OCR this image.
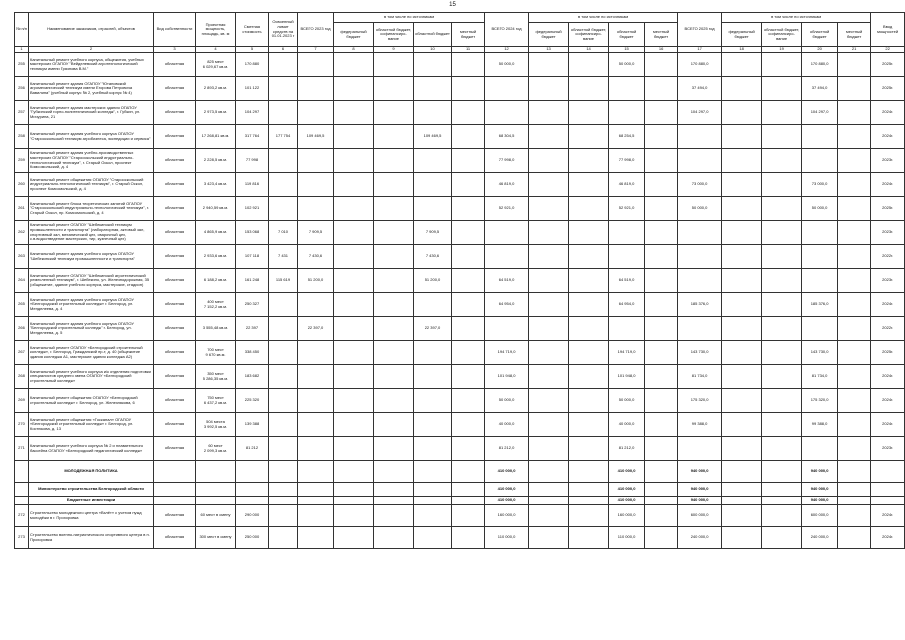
15
№ п/п	Наименование заказчиков, отраслей, объектов	Вид собственности	Проектная мощность, площадь, кв. м	Сметная стоимость	Освоенный лимит средств на 01.01.2023 г	ВСЕГО 2023 год	в том числе по источникам				ВСЕГО 2024 год	в том числе по источникам				ВСЕГО 2025 год	в том числе по источникам				Ввод мощностей
							федеральный бюджет	областной бюджет, софинансиро-вание	областной бюджет	местный бюджет		федеральный бюджет	областной бюджет, софинансиро-вание	областной бюджет	местный бюджет		федеральный бюджет	областной бюджет, софинансиро-вание	областной бюджет	местный бюджет	
1	2	3	4	5	6	7	8	9	10	11	12	13	14	15	16	17	18	19	20	21	22
255	Капитальный ремонт учебного корпуса, общежития, учебных мастерских ОГАПОУ "Вейделевский агротехнологический техникум имени Грязнова В.М."	областная	825 мест
6 029,67 кв.м.	170 880							50 000,0			50 000,0		170 880,0			170 880,0		2025г.
256	Капитальный ремонт здания ОГАПОУ "Ютановский агромеханический техникум имени Егорова Петровича Вавилина" (учебный корпус № 2, учебный корпус № 4)	областная	2 893,2 кв.м.	101 122												37 494,0			37 494,0		2025г.
257	Капитальный ремонт здания мастерских здания ОГАПОУ "Губкинский горно-политехнический колледж", г. Губкин, ул. Мичурина, 21	областная	2 973,5 кв.м.	104 297												104 297,0			104 297,0		2024г.
258	Капитальный ремонт здания учебного корпуса ОГАПОУ "Старооскольский техникум агробизнеса, экспедиции и сервиса"	областная	17 268,81 кв.м.	317 764	177 754	109 469,5			109 469,5		68 304,5			68 254,5							2024г.
259	Капитальный ремонт здания учебно-производственных мастерских ОГАПОУ "Старооскольский индустриально-технологический техникум", г. Старый Оскол, проспект Комсомольский, д. 4	областная	2 228,5 кв.м.	77 998							77 998,0			77 998,0							2023г.
260	Капитальный ремонт общежития ОГАПОУ "Старооскольский индустриально-технологический техникум", г. Старый Оскол, проспект Комсомольский, д. 4	областная	3 423,4 кв.м.	119 816							46 819,0			46 819,0		73 000,0			73 000,0		2024г.
261	Капитальный ремонт блока теоретических занятий ОГАПОУ "Старооскольский индустриально-технологический техникум", г. Старый Оскол, пр. Комсомольский, д. 4	областная	2 940,59 кв.м.	102 921							52 921,0			52 921,0		50 000,0			50 000,0		2025г.
262	Капитальный ремонт ОГАПОУ "Шебекинский техникум промышленности и транспорта" (лабораторная, актовый зал, спортивный зал, механический цех, сварочный цех, с.в.водоотведение мастерских, тир, кузнечный цех)	областная	4 865,9 кв.м.	153 068	7 010	7 909,5			7 909,5												2023г.
263	Капитальный ремонт здания учебного корпуса ОГАПОУ "Шебекинский техникум промышленности и транспорта"	областная	2 933,6 кв.м.	107 118	7 431	7 430,6			7 430,6												2022г.
264	Капитальный ремонт ОГАПОУ "Шебекинский агротехнический ремесленный техникум", г. Шебекино, ул. Железнодорожная, 35 (общежитие, здание учебного корпуса, мастерские, стадион)	областная	6 188,2 кв.м.	161 248	115 619	51 200,0			51 200,0		64 519,0			64 519,0							2023г.
265	Капитальный ремонт здания учебного корпуса ОГАПОУ «Белгородский строительный колледж» г. Белгород, ул. Менделеева, д. 4	областная	400 мест
7 152,2 кв.м.	250 327							64 954,0			64 954,0		185 376,0			185 376,0		2024г.
266	Капитальный ремонт здания учебного корпуса ОГАПОУ "Белгородский строительный колледж" г. Белгород, ул. Менделеева, д. 5	областная	3 555,48 кв.м.	22 397		22 397,0			22 397,0												2022г.
267	Капитальный ремонт ОГАПОУ «Белгородский строительный колледж», г. Белгород, Гражданский пр-т, д. 40 (общежитие здания колледжа А1, мастерские здания колледжа А2)	областная	700 мест
9 670 кв.м.	338 450							194 719,0			194 719,0		143 730,0			143 730,0		2025г.
268	Капитальный ремонт учебного корпуса и/к отделения подготовки специалистов среднего звена ОГАПОУ «Белгородский строительный колледж»	областная	350 мест
5 286,35 кв.м.	183 682							101 948,0			101 948,0		81 734,0			81 734,0		2024г.
269	Капитальный ремонт общежития ОГАПОУ «Белгородский строительный колледж» г. Белгород, ул. Железнякова, 6	областная	750 мест
6 437,2 кв.м.	225 320							50 000,0			50 000,0		175 320,0			175 320,0		2024г.
270	Капитальный ремонт общежития «Госканал» ОГАПОУ «Белгородский строительный колледж» г. Белгород, ул. Костюкова, д. 13	областная	504 места
3 992,5 кв.м.	139 388							40 000,0			40 000,0		99 388,0			99 388,0		2024г.
271	Капитальный ремонт учебного корпуса № 2 и плавательного бассейна ОГАПОУ «Белгородский педагогический колледж»	областная	60 мест
2 099,3 кв.м.	81 212							81 212,0			81 212,0							2023г.
	МОЛОДЕЖНАЯ ПОЛИТИКА										410 000,0			410 000,0		940 000,0			940 000,0		
	Министерство строительства Белгородской области										410 000,0			410 000,0		940 000,0			940 000,0		
	Бюджетные инвестиции										410 000,0			410 000,0		940 000,0			940 000,0		
272	Строительство молодежного центра «Взлёт» с учетом нужд молодёжи в г. Прохоровка	областная	60 мест в смену	290 000							160 000,0			160 000,0		600 000,0			600 000,0		2024г.
273	Строительство военно-патриотического спортивного центра в п. Прохоровка	областная	300 мест в смену	250 000							110 000,0			110 000,0		240 000,0			240 000,0		2024г.
